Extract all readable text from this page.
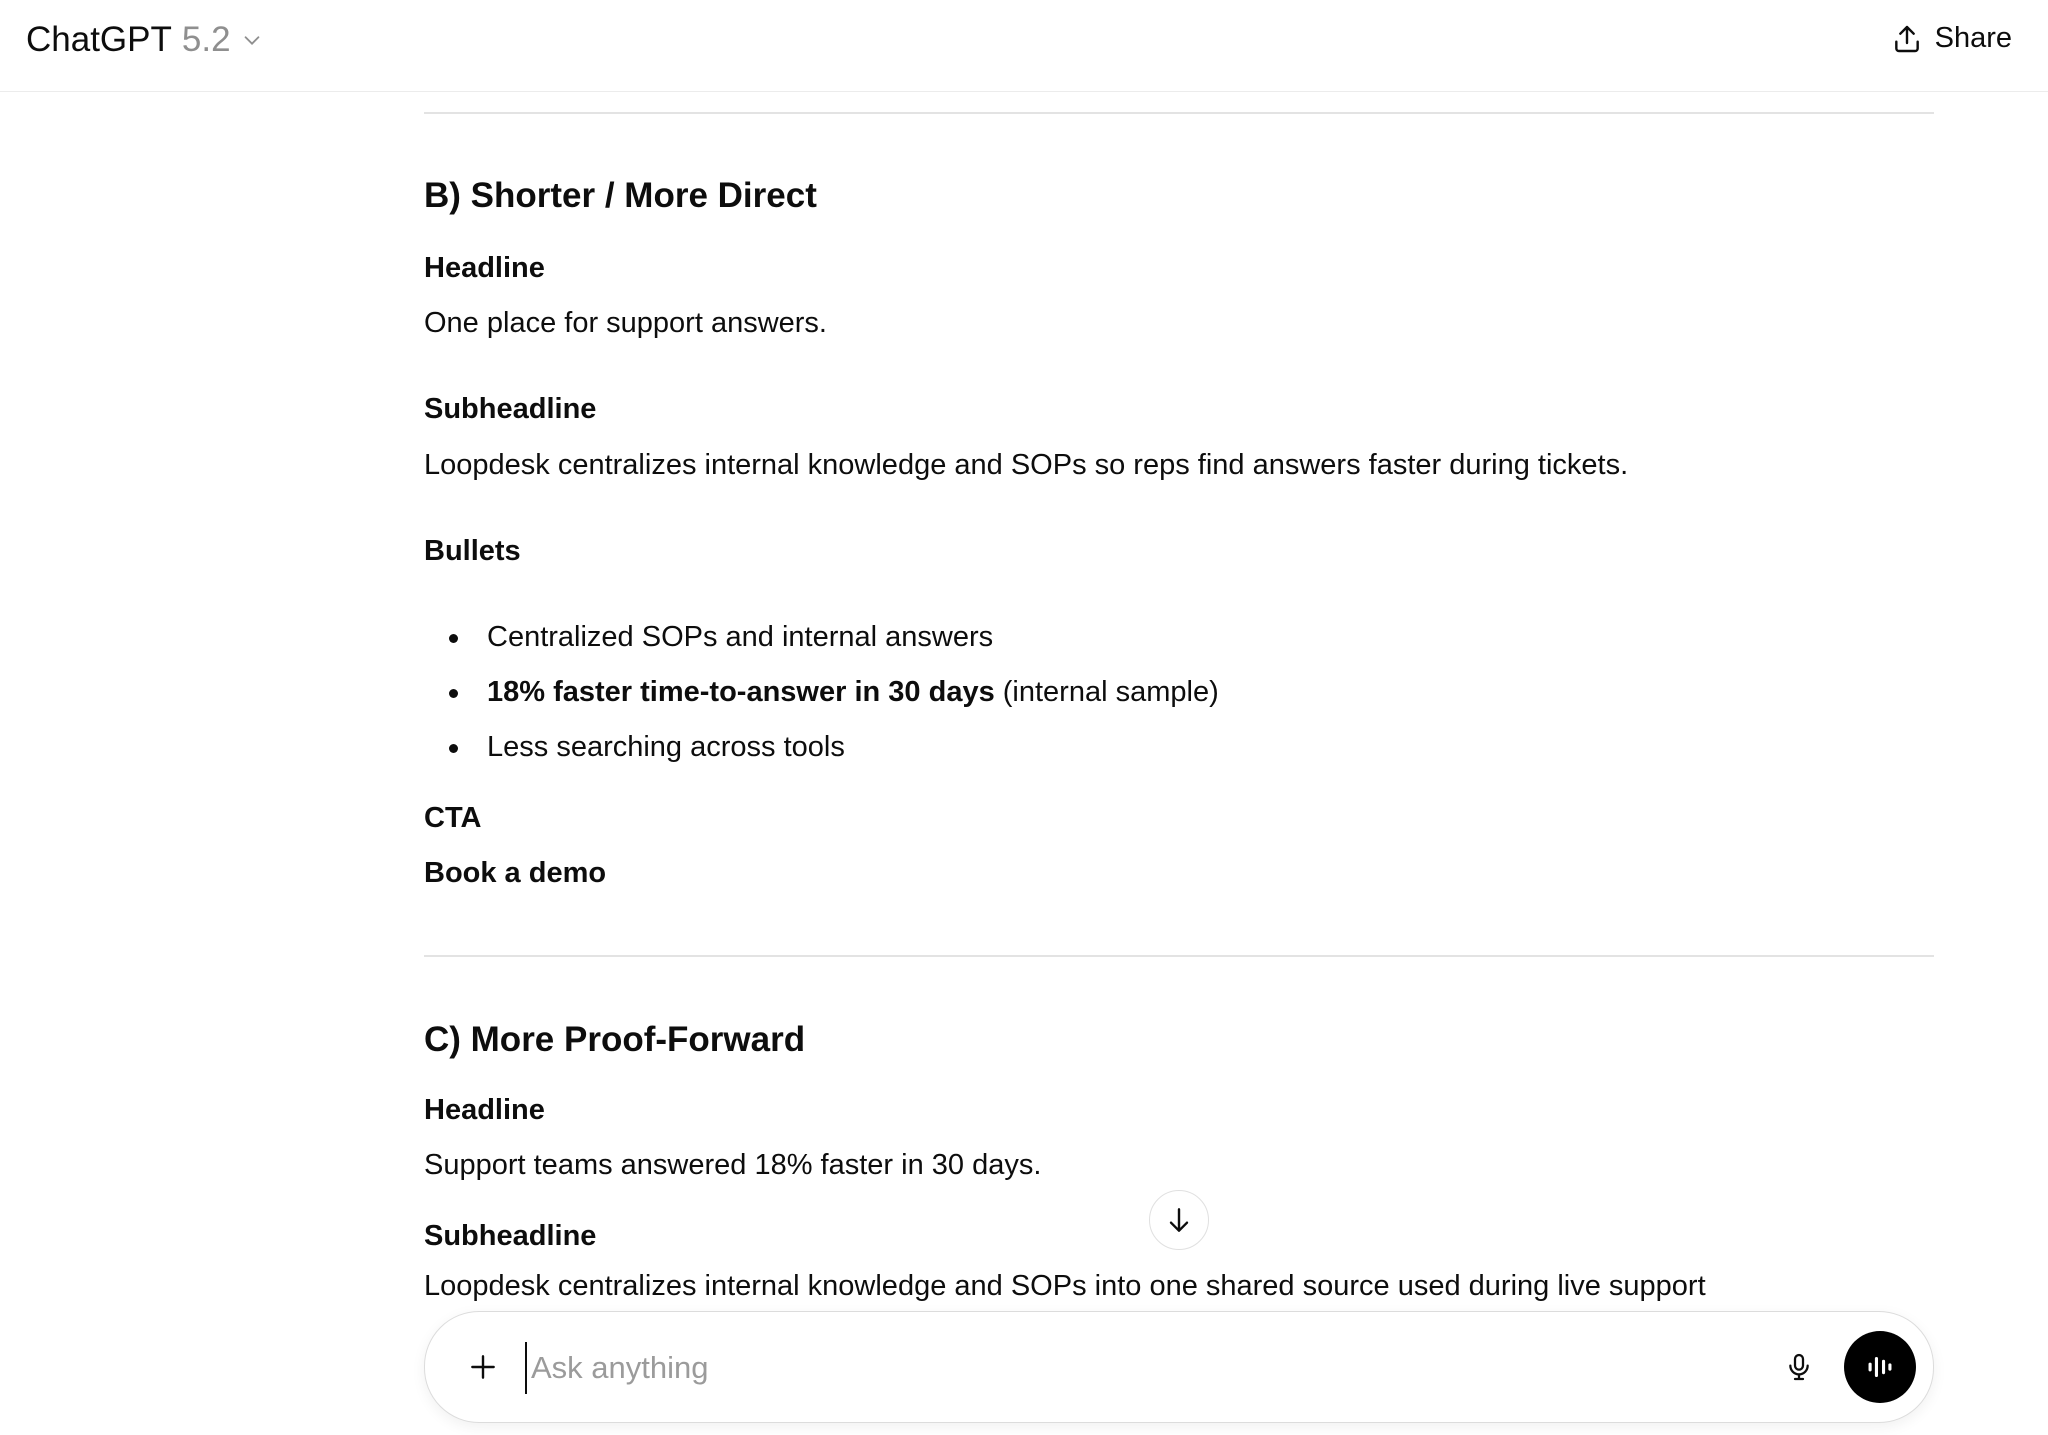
ChatGPT 5.2	Share
B) Shorter / More Direct
Headline
One place for support answers.
Subheadline
Loopdesk centralizes internal knowledge and SOPs so reps find answers faster during tickets.
Bullets
Centralized SOPs and internal answers
18% faster time-to-answer in 30 days (internal sample)
Less searching across tools
CTA
Book a demo
C) More Proof-Forward
Headline
Support teams answered 18% faster in 30 days.
Subheadline
Loopdesk centralizes internal knowledge and SOPs into one shared source used during live support
Ask anything
